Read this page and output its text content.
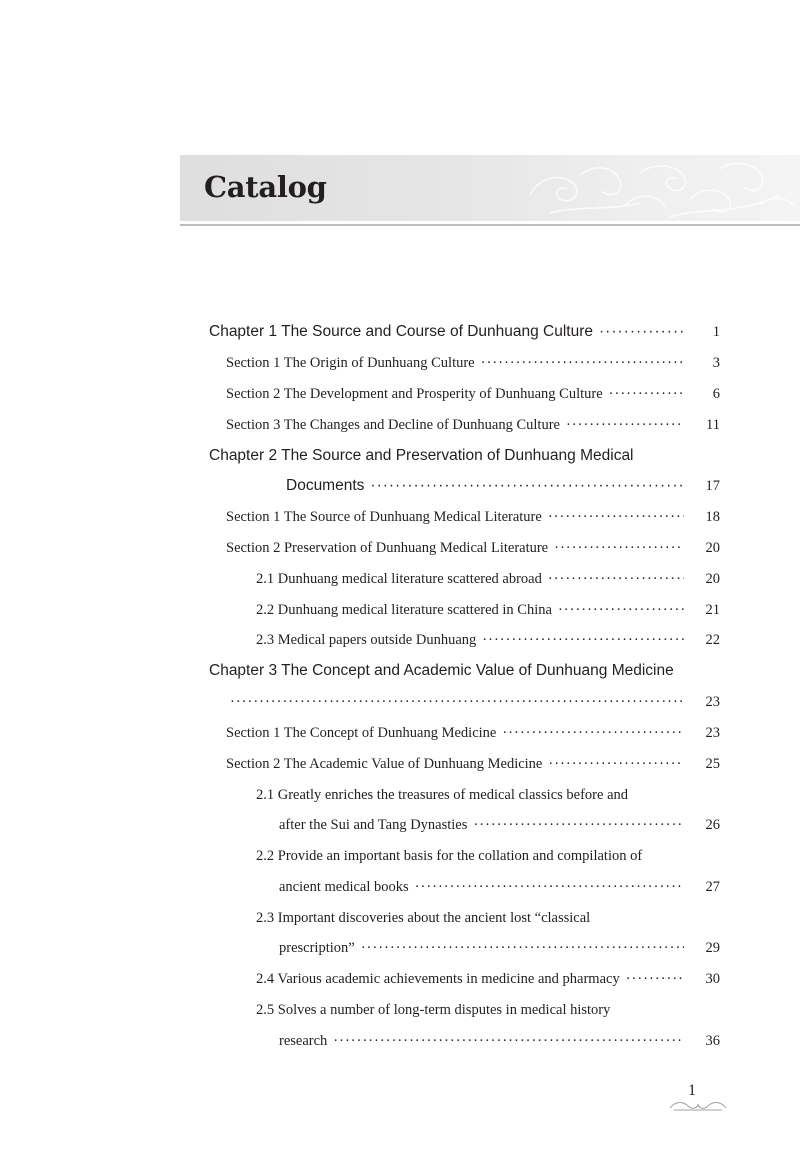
Catalog
Chapter 1 The Source and Course of Dunhuang Culture ·····	1
Section 1 The Origin of Dunhuang Culture ·····	3
Section 2 The Development and Prosperity of Dunhuang Culture ·····	6
Section 3 The Changes and Decline of Dunhuang Culture ·····	11
Chapter 2 The Source and Preservation of Dunhuang Medical
Documents ·····	17
Section 1 The Source of Dunhuang Medical Literature ·····	18
Section 2 Preservation of Dunhuang Medical Literature ·····	20
2.1 Dunhuang medical literature scattered abroad ·····	20
2.2 Dunhuang medical literature scattered in China ·····	21
2.3 Medical papers outside Dunhuang ·····	22
Chapter 3 The Concept and Academic Value of Dunhuang Medicine
·····
23
Section 1 The Concept of Dunhuang Medicine ·····	23
Section 2 The Academic Value of Dunhuang Medicine ·····	25
2.1 Greatly enriches the treasures of medical classics before and
after the Sui and Tang Dynasties ·····	26
2.2 Provide an important basis for the collation and compilation of
ancient medical books ·····	27
2.3 Important discoveries about the ancient lost “classical
prescription” ·····	29
2.4 Various academic achievements in medicine and pharmacy ·····	30
2.5 Solves a number of long-term disputes in medical history
research ·····	36
1
